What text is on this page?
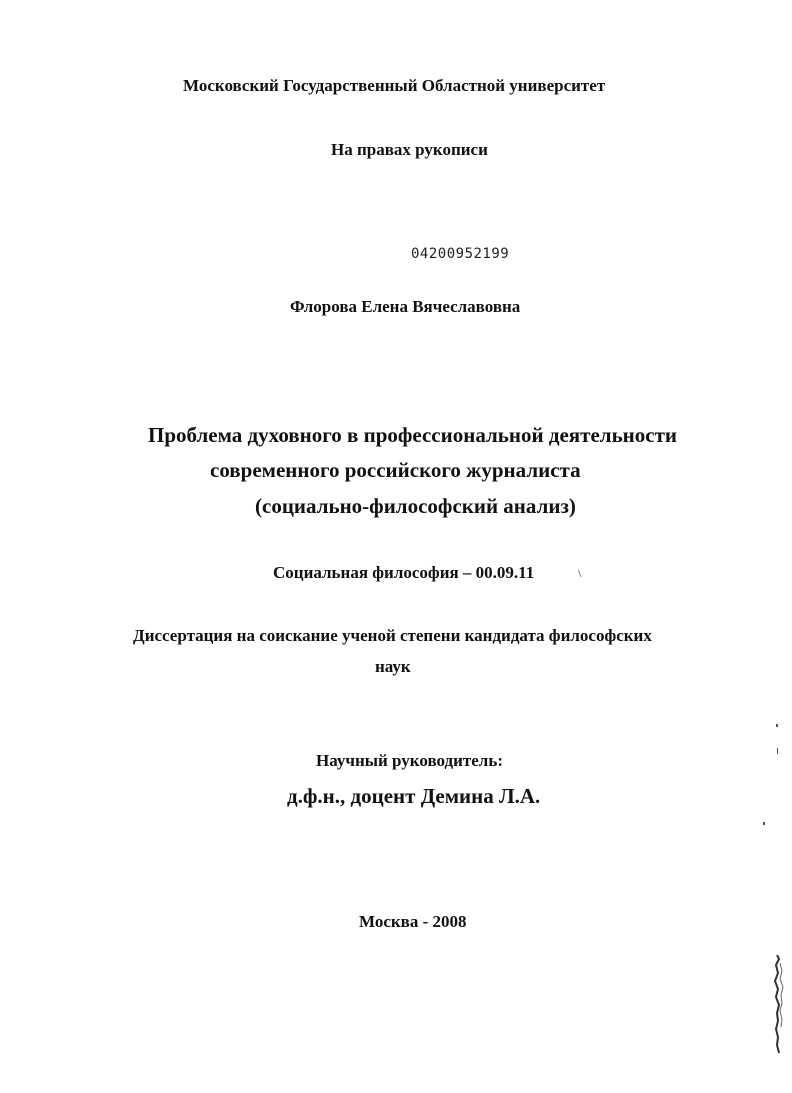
Московский Государственный Областной университет
На правах рукописи
04200952199
Флорова Елена Вячеславовна
Проблема духовного в профессиональной деятельности
современного российского журналиста
(социально-философский анализ)
Социальная философия – 00.09.11	\
Диссертация на соискание ученой степени кандидата философских
наук
Научный руководитель:
д.ф.н., доцент Демина Л.А.
Москва - 2008
